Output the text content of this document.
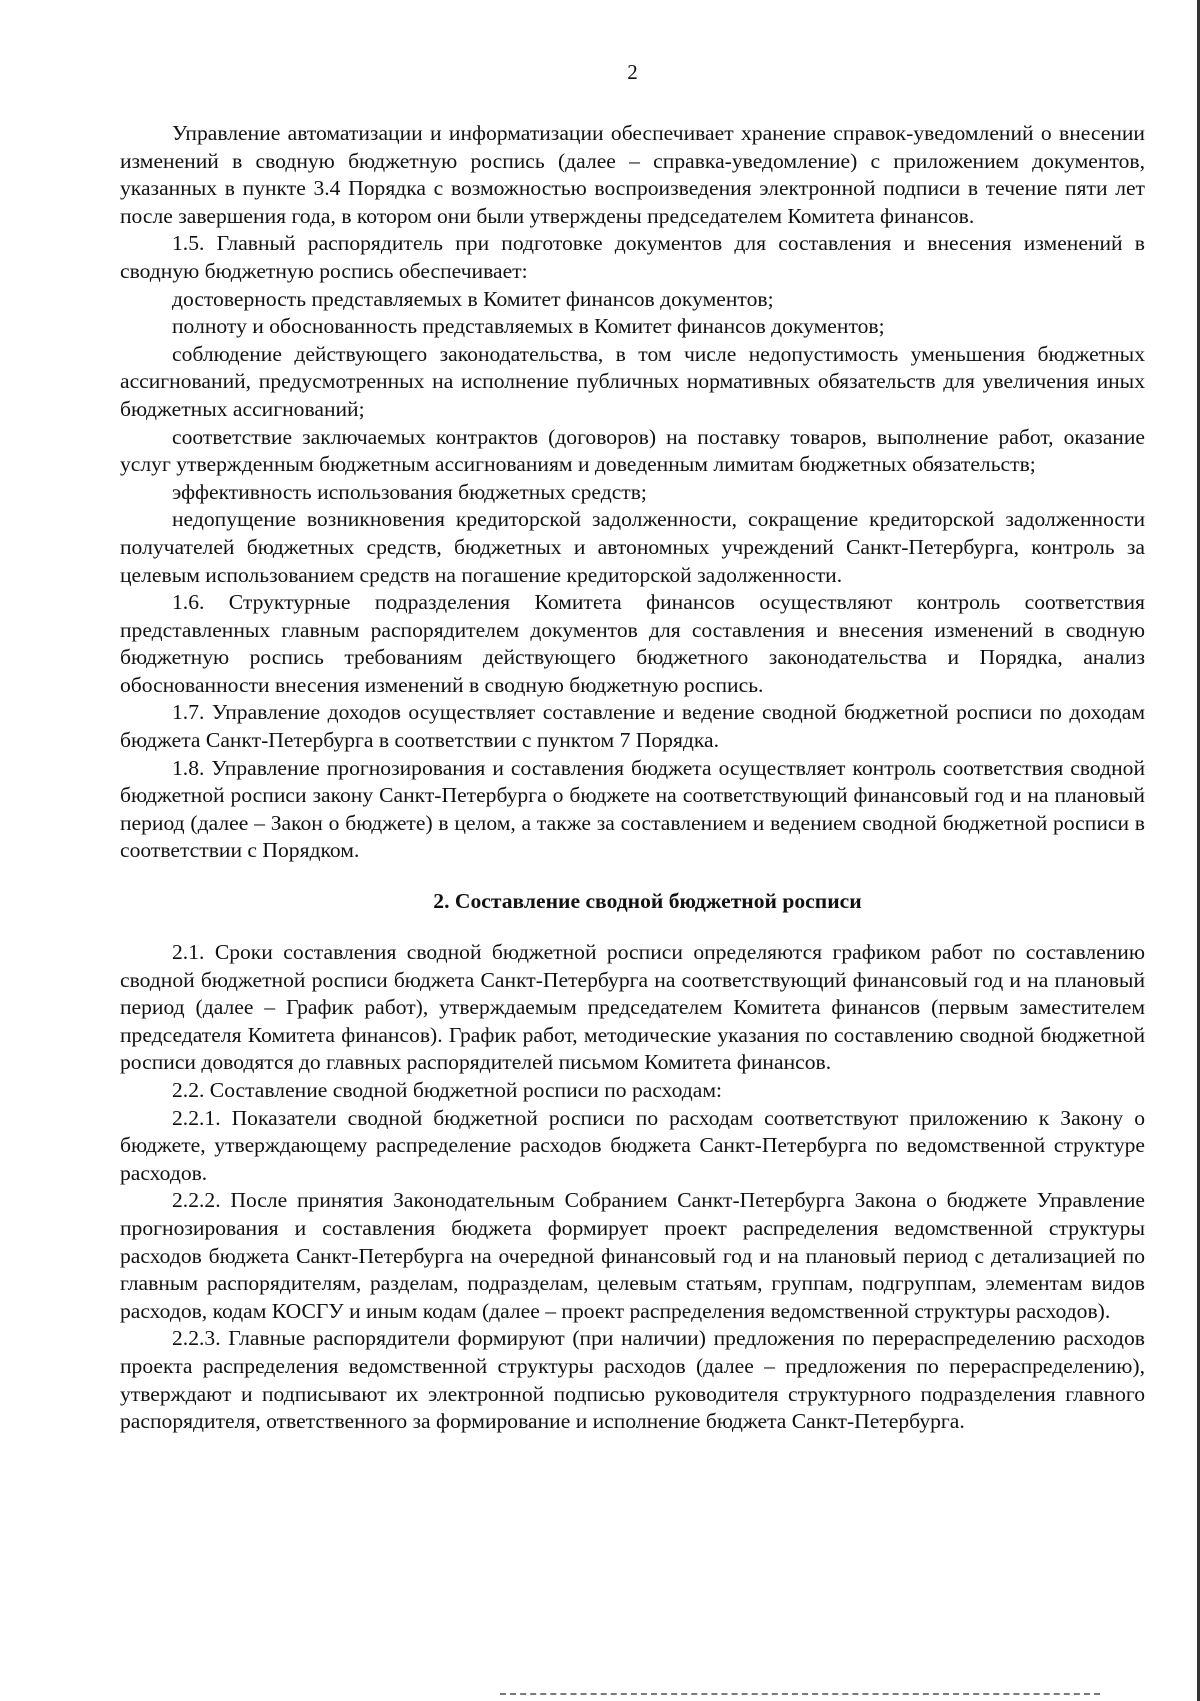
2

Управление автоматизации и информатизации обеспечивает хранение справок-уведомлений о внесении изменений в сводную бюджетную роспись (далее – справка-уведомление) с приложением документов, указанных в пункте 3.4 Порядка с возможностью воспроизведения электронной подписи в течение пяти лет после завершения года, в котором они были утверждены председателем Комитета финансов.

1.5. Главный распорядитель при подготовке документов для составления и внесения изменений в сводную бюджетную роспись обеспечивает:

достоверность представляемых в Комитет финансов документов;

полноту и обоснованность представляемых в Комитет финансов документов;

соблюдение действующего законодательства, в том числе недопустимость уменьшения бюджетных ассигнований, предусмотренных на исполнение публичных нормативных обязательств для увеличения иных бюджетных ассигнований;

соответствие заключаемых контрактов (договоров) на поставку товаров, выполнение работ, оказание услуг утвержденным бюджетным ассигнованиям и доведенным лимитам бюджетных обязательств;

эффективность использования бюджетных средств;

недопущение возникновения кредиторской задолженности, сокращение кредиторской задолженности получателей бюджетных средств, бюджетных и автономных учреждений Санкт-Петербурга, контроль за целевым использованием средств на погашение кредиторской задолженности.

1.6. Структурные подразделения Комитета финансов осуществляют контроль соответствия представленных главным распорядителем документов для составления и внесения изменений в сводную бюджетную роспись требованиям действующего бюджетного законодательства и Порядка, анализ обоснованности внесения изменений в сводную бюджетную роспись.

1.7. Управление доходов осуществляет составление и ведение сводной бюджетной росписи по доходам бюджета Санкт-Петербурга в соответствии с пунктом 7 Порядка.

1.8. Управление прогнозирования и составления бюджета осуществляет контроль соответствия сводной бюджетной росписи закону Санкт-Петербурга о бюджете на соответствующий финансовый год и на плановый период (далее – Закон о бюджете) в целом, а также за составлением и ведением сводной бюджетной росписи в соответствии с Порядком.

2. Составление сводной бюджетной росписи

2.1. Сроки составления сводной бюджетной росписи определяются графиком работ по составлению сводной бюджетной росписи бюджета Санкт-Петербурга на соответствующий финансовый год и на плановый период (далее – График работ), утверждаемым председателем Комитета финансов (первым заместителем председателя Комитета финансов). График работ, методические указания по составлению сводной бюджетной росписи доводятся до главных распорядителей письмом Комитета финансов.

2.2. Составление сводной бюджетной росписи по расходам:

2.2.1. Показатели сводной бюджетной росписи по расходам соответствуют приложению к Закону о бюджете, утверждающему распределение расходов бюджета Санкт-Петербурга по ведомственной структуре расходов.

2.2.2. После принятия Законодательным Собранием Санкт-Петербурга Закона о бюджете Управление прогнозирования и составления бюджета формирует проект распределения ведомственной структуры расходов бюджета Санкт-Петербурга на очередной финансовый год и на плановый период с детализацией по главным распорядителям, разделам, подразделам, целевым статьям, группам, подгруппам, элементам видов расходов, кодам КОСГУ и иным кодам (далее – проект распределения ведомственной структуры расходов).

2.2.3. Главные распорядители формируют (при наличии) предложения по перераспределению расходов проекта распределения ведомственной структуры расходов (далее – предложения по перераспределению), утверждают и подписывают их электронной подписью руководителя структурного подразделения главного распорядителя, ответственного за формирование и исполнение бюджета Санкт-Петербурга.
